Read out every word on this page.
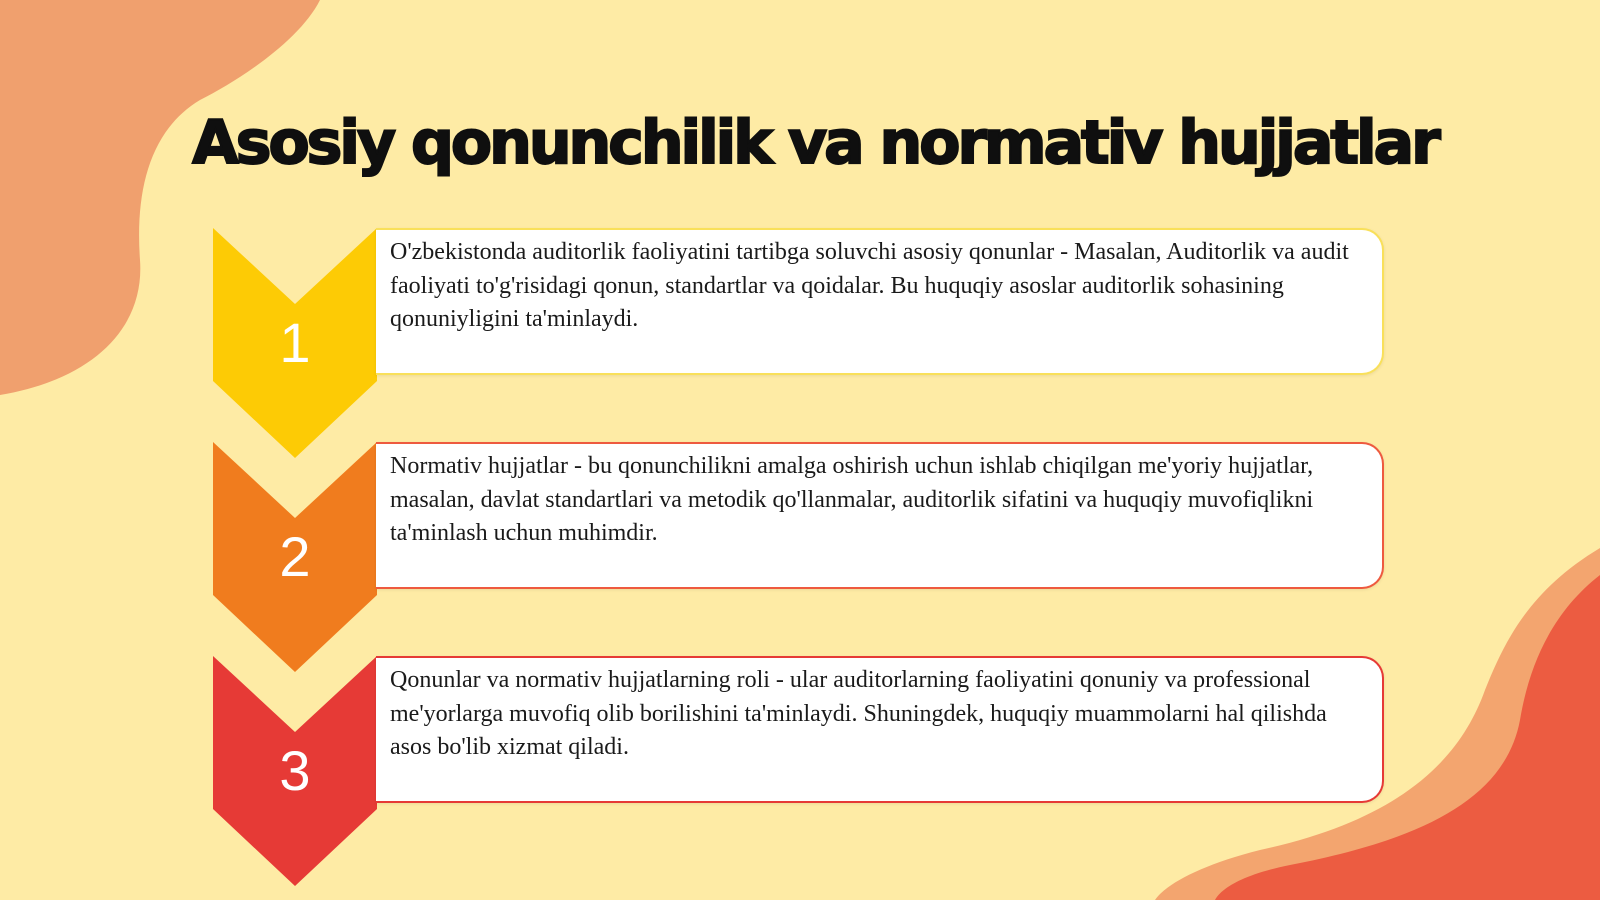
Asosiy qonunchilik va normativ hujjatlar
1

O'zbekistonda auditorlik faoliyatini tartibga soluvchi asosiy qonunlar - Masalan, Auditorlik va audit faoliyati to'g'risidagi qonun, standartlar va qoidalar. Bu huquqiy asoslar auditorlik sohasining qonuniyligini ta'minlaydi.

2

Normativ hujjatlar - bu qonunchilikni amalga oshirish uchun ishlab chiqilgan me'yoriy hujjatlar, masalan, davlat standartlari va metodik qo'llanmalar, auditorlik sifatini va huquqiy muvofiqlikni ta'minlash uchun muhimdir.

3

Qonunlar va normativ hujjatlarning roli - ular auditorlarning faoliyatini qonuniy va professional me'yorlarga muvofiq olib borilishini ta'minlaydi. Shuningdek, huquqiy muammolarni hal qilishda asos bo'lib xizmat qiladi.
